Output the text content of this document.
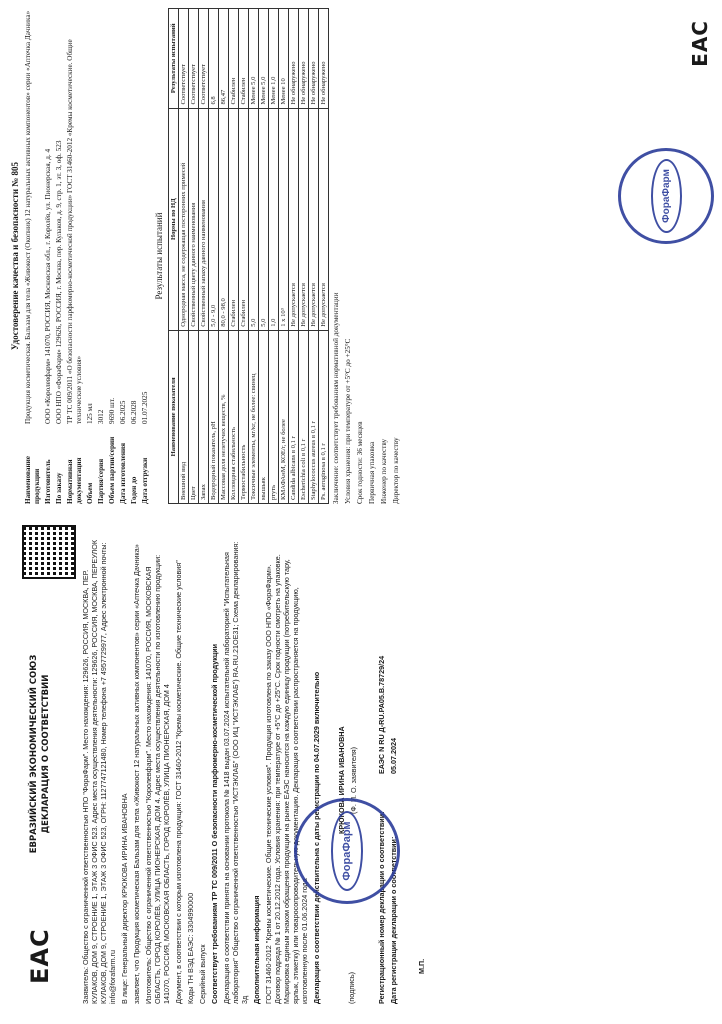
ЕАС
ЕВРАЗИЙСКИЙ ЭКОНОМИЧЕСКИЙ СОЮЗ ДЕКЛАРАЦИЯ О СООТВЕТСТВИИ	Заявитель: Общество с ограниченной ответственностью НПО "ФораФарм". Место нахождения: 129626, РОССИЯ, МОСКВА, ПЕР. КУЛАКОВ, ДОМ 9, СТРОЕНИЕ 1, ЭТАЖ 3 ОФИС 523. Адрес места осуществления деятельности: 129626, РОССИЯ, МОСКВА, ПЕРЕУЛОК КУЛАКОВ, ДОМ 9, СТРОЕНИЕ 1, ЭТАЖ 3 ОФИС 523, ОГРН: 1127747121480, Номер телефона +7 4957729977, Адрес электронной почты: info@forafarm.ru В лице: Генеральный директор КРЮКОВА ИРИНА ИВАНОВНА заявляет, что Продукция косметическая Бальзам для тела «Живокост 12 натуральных активных компонентов» серии «Аптечка Дачника» Изготовитель: Общество с ограниченной ответственностью "Королевфарм". Место нахождения: 141070, РОССИЯ, МОСКОВСКАЯ ОБЛАСТЬ, ГОРОД КОРОЛЁВ, УЛИЦА ПИОНЕРСКАЯ, ДОМ 4. Адрес места осуществления деятельности по изготовлению продукции: 141070, РОССИЯ, МОСКОВСКАЯ ОБЛАСТЬ, ГОРОД КОРОЛЁВ, УЛИЦА ПИОНЕРСКАЯ, ДОМ 4 Документ, в соответствии с которым изготовлена продукция: ГОСТ 31460-2012 "Кремы косметические. Общие технические условия" Коды ТН ВЭД ЕАЭС: 3304990000 Серийный выпуск Соответствует требованиям ТР ТС 009/2011 О безопасности парфюмерно-косметической продукции Декларация о соответствии принята на основании протокола № 1418 выдан 03.07.2024 испытательной лабораторией "Испытательная лаборатория" Общество с ограниченной ответственностью "ИСТЭКЛАБ" (ООО ИЦ "ИСТЭКЛАБ") RA.RU.21ОЕ31; Схема декларирования: 3д Дополнительная информация ГОСТ 31460-2012 "Кремы косметические. Общие технические условия". Продукция изготовлена по заказу ООО НПО «ФораФарм». Договор подряда № 1 от 20.12.2012 года. Условия хранения: при температуре от +5°С до +25°С. Срок годности смотреть на упаковке. Маркировка единым знаком обращения продукции на рынке ЕАЭС наносится на каждую единицу продукции (потребительскую тару, ярлык, этикетку) или товаросопроводительную документацию. Декларация о соответствии распространяется на продукцию, изготовленную после 01.06.2024 года Декларация о соответствии действительна с даты регистрации по 04.07.2029 включительно	(подпись)
КРЮКОВА ИРИНА ИВАНОВНА (Ф. И. О. заявителя)
Регистрационный номер декларации о соответствии:
ЕАЭС N RU Д-RU.РА05.В.78729/24
Дата регистрации декларации о соответствии:
05.07.2024
ФораФарм
М.П.
Удостоверение качества и безопасности № 805
Наименование продукции
Продукция косметическая. Бальзам для тела «Живокост (Окопник) 12 натуральных активных компонентов» серии «Аптечка Дачника»
Изготовитель
ООО «Королевфарм» 141070, РОССИЯ, Московская обл., г. Королёв, ул. Пионерская, д. 4
По заказу
ООО НПО «ФораФарм» 129626, РОССИЯ, г. Москва, пер. Кулаков, д. 9, стр. 1, эт. 3, оф. 523
Нормативная документация
ТР ТС 009/2011 «О безопасности парфюмерно-косметической продукции» ГОСТ 31460-2012 «Кремы косметические. Общие технические условия»
Объем
125 мл
Партия/серия
3012
Объем партии/серии
9690 шт.
Дата изготовления
06.2025
Годен до
06.2028
Дата отгрузки
01.07.2025
Результаты испытаний
Наименование показателя	Нормы по НД	Результаты испытаний
Внешний вид	Однородная масса, не содержащая посторонних примесей	Соответствует
Цвет	Свойственный цвету данного наименования	Соответствует
Запах	Свойственный запаху данного наименования	Соответствует
Водородный показатель, pH	5,0 - 9,0	6,8
Массовая доля нелетучих веществ, %	80,0 - 98,0	86,47
Коллоидная стабильность	Стабилен	Стабилен
Термостабильность	Стабилен	Стабилен
Токсичные элементы, мг/кг, не более: свинец	5,0	Менее 5,0
мышьяк	5,0	Менее 5,0
ртуть	1,0	Менее 1,0
КМАФАнМ, КОЕ/г, не более	1 х 10³	Менее 10
Candida albicans в 0,1 г	Не допускается	Не обнаружено
Escherichia coli в 0,1 г	Не допускается	Не обнаружено
Staphylococcus aureus в 0,1 г	Не допускается	Не обнаружено
Ps. aeruginosa в 0,1 г	Не допускается	Не обнаружено
Заключение: соответствует требованиям нормативной документации Условия хранения: при температуре от +5°С до +25°С Срок годности: 36 месяцев Первичная упаковка Инженер по качеству Директор по качеству
ЕАС
ФораФарм
